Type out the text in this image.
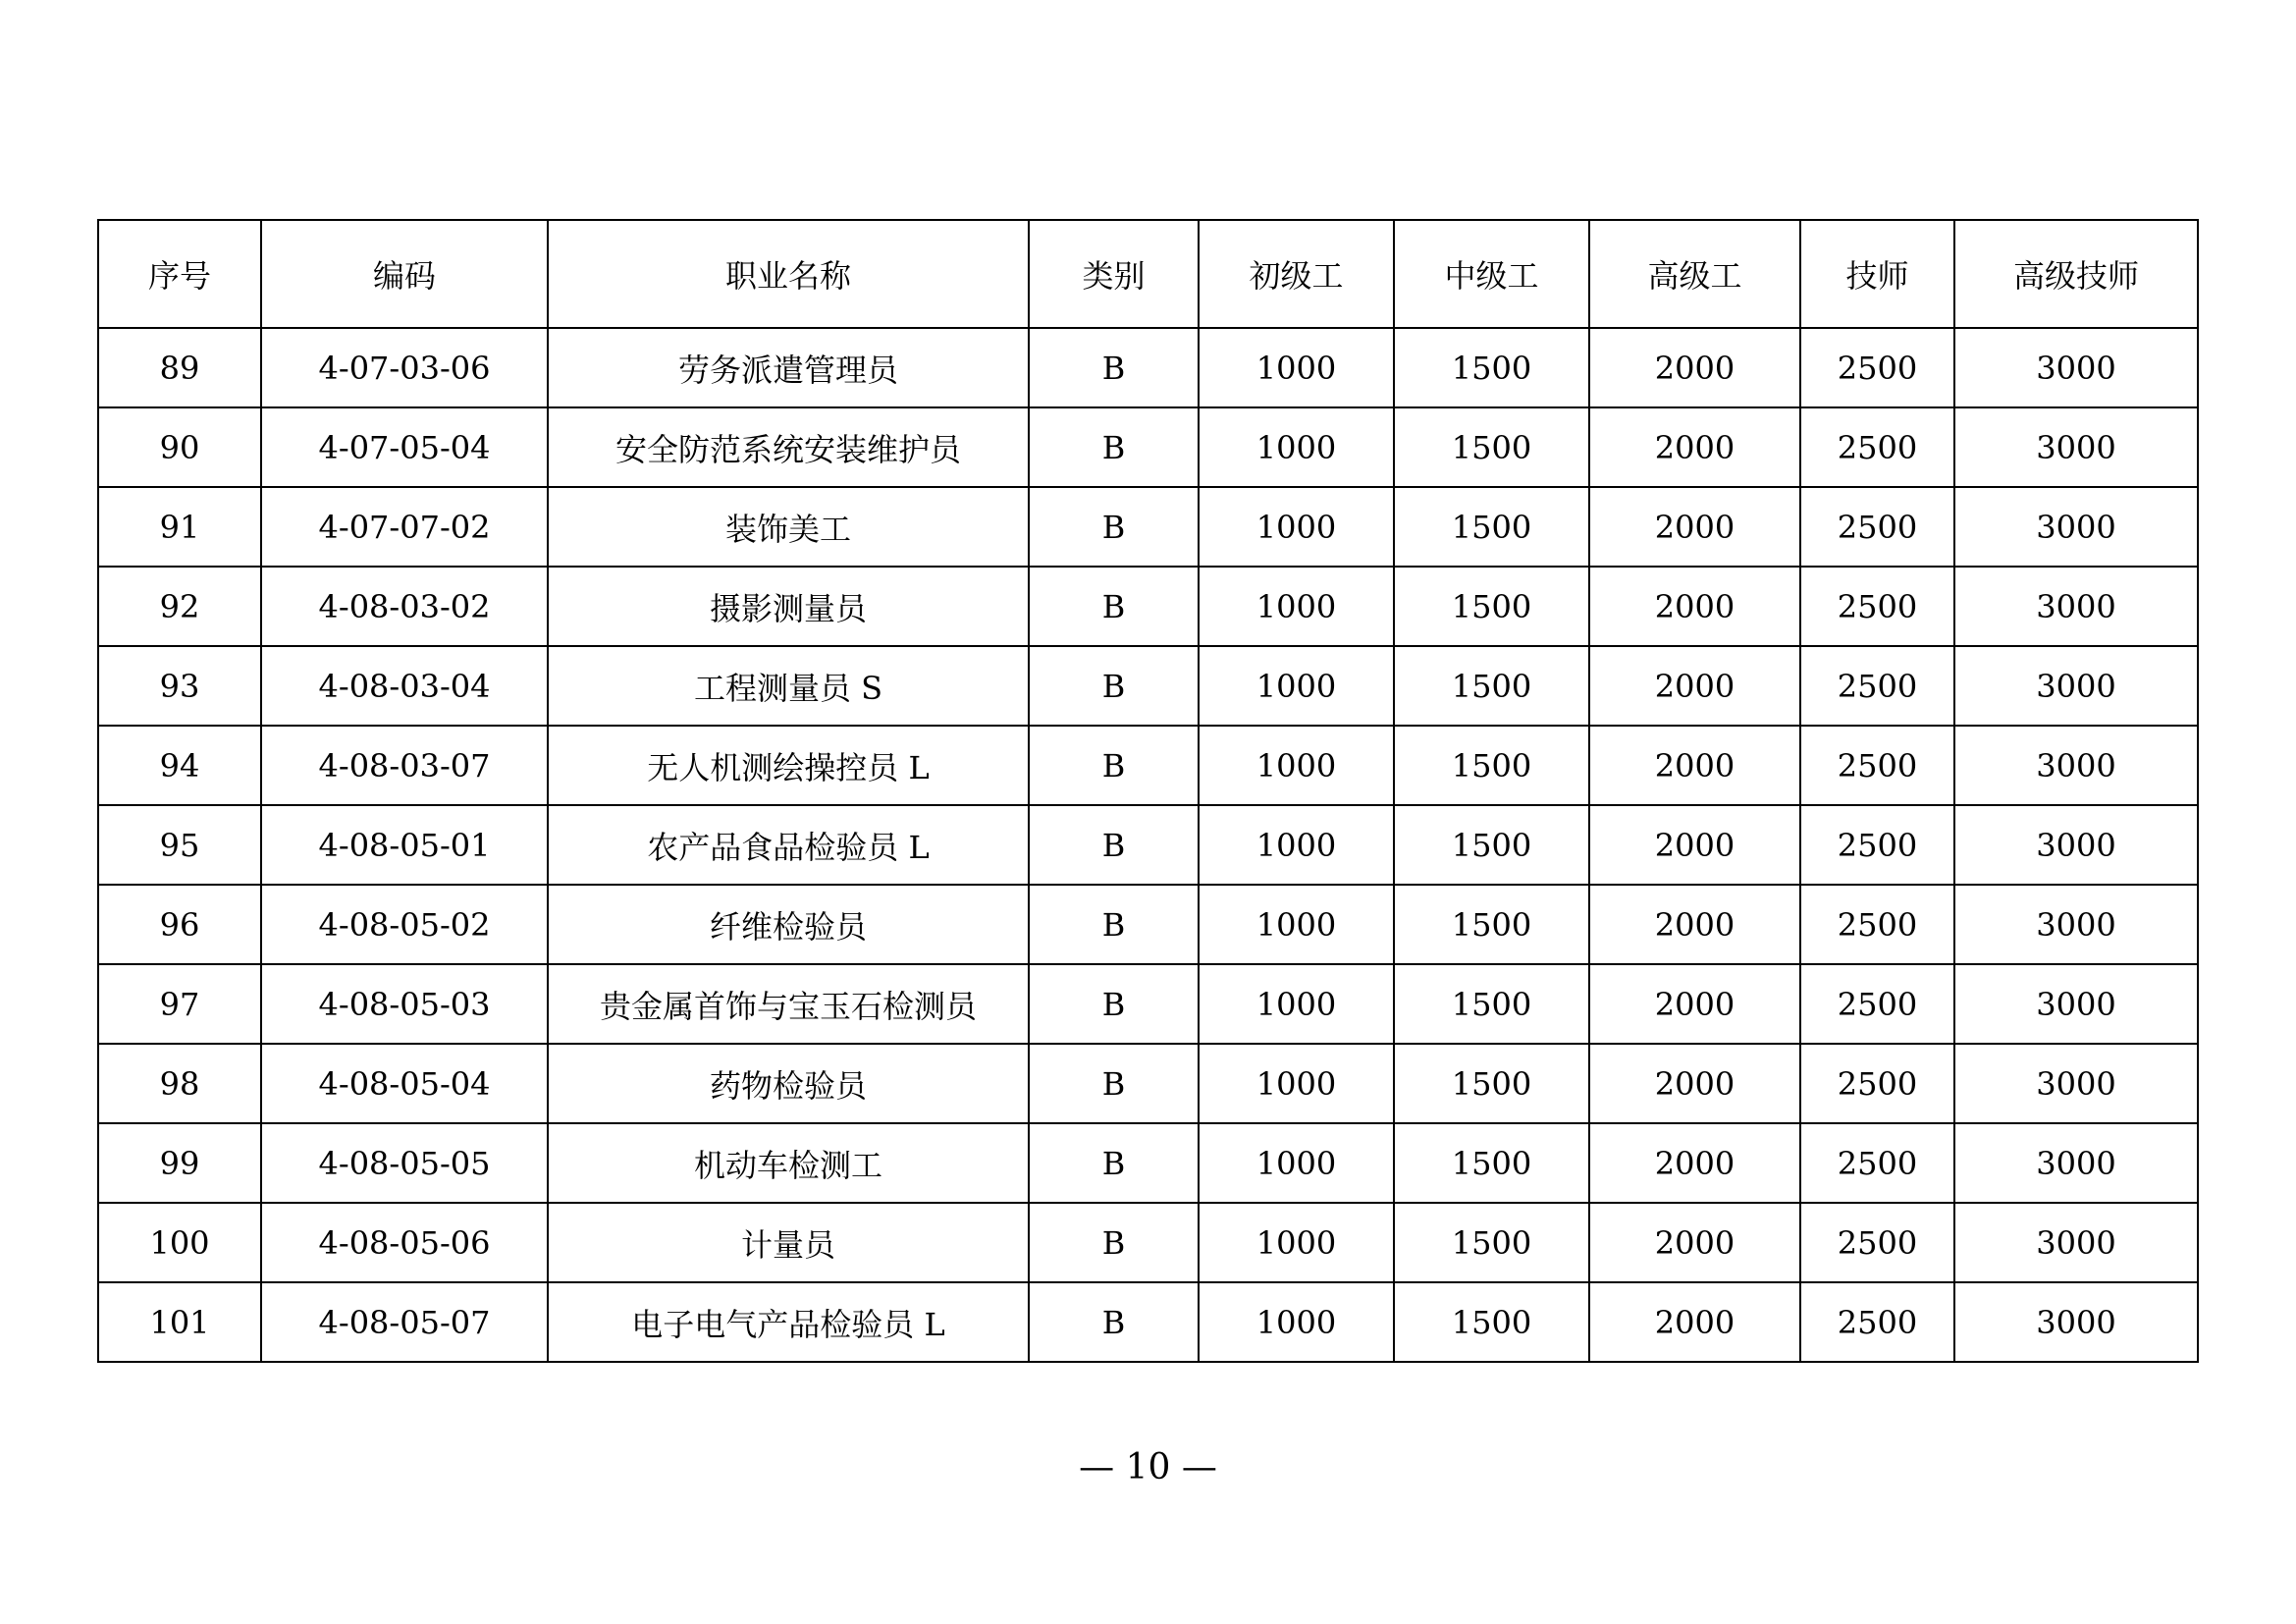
序号	编码	职业名称	类别	初级工	中级工	高级工	技师	高级技师
89	4-07-03-06	劳务派遣管理员	B	1000	1500	2000	2500	3000
90	4-07-05-04	安全防范系统安装维护员	B	1000	1500	2000	2500	3000
91	4-07-07-02	装饰美工	B	1000	1500	2000	2500	3000
92	4-08-03-02	摄影测量员	B	1000	1500	2000	2500	3000
93	4-08-03-04	工程测量员 S	B	1000	1500	2000	2500	3000
94	4-08-03-07	无人机测绘操控员 L	B	1000	1500	2000	2500	3000
95	4-08-05-01	农产品食品检验员 L	B	1000	1500	2000	2500	3000
96	4-08-05-02	纤维检验员	B	1000	1500	2000	2500	3000
97	4-08-05-03	贵金属首饰与宝玉石检测员	B	1000	1500	2000	2500	3000
98	4-08-05-04	药物检验员	B	1000	1500	2000	2500	3000
99	4-08-05-05	机动车检测工	B	1000	1500	2000	2500	3000
100	4-08-05-06	计量员	B	1000	1500	2000	2500	3000
101	4-08-05-07	电子电气产品检验员 L	B	1000	1500	2000	2500	3000
— 10 —
